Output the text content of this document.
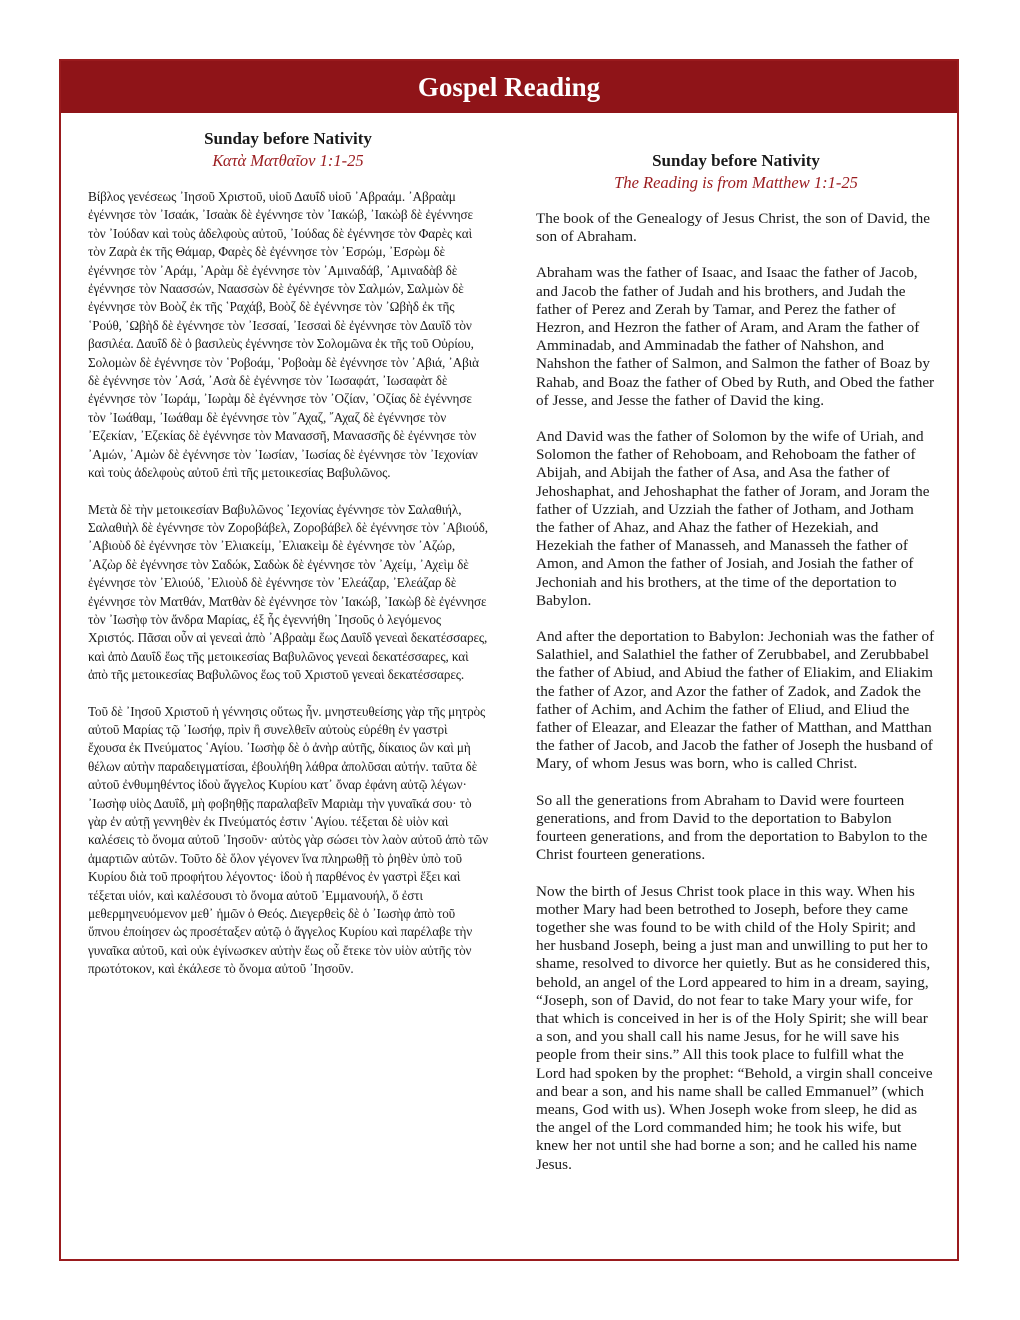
Gospel Reading
Sunday before Nativity
Κατὰ Ματθαῖον 1:1-25

Βίβλος γενέσεως ᾿Ιησοῦ Χριστοῦ, υἱοῦ Δαυΐδ υἱοῦ ᾿Αβραάμ. ᾿Αβραὰμ ἐγέννησε τὸν ᾿Ισαάκ, ᾿Ισαὰκ δὲ ἐγέννησε τὸν ᾿Ιακώβ, ᾿Ιακὼβ δὲ ἐγέννησε τὸν ᾿Ιούδαν καὶ τοὺς ἀδελφοὺς αὐτοῦ, ᾿Ιούδας δὲ ἐγέννησε τὸν Φαρὲς καὶ τὸν Ζαρὰ ἐκ τῆς Θάμαρ, Φαρὲς δὲ ἐγέννησε τὸν ᾿Εσρώμ, ᾿Εσρὼμ δὲ ἐγέννησε τὸν ᾿Αράμ, ᾿Αρὰμ δὲ ἐγέννησε τὸν ᾿Αμιναδάβ, ᾿Αμιναδὰβ δὲ ἐγέννησε τὸν Ναασσών, Ναασσὼν δὲ ἐγέννησε τὸν Σαλμών, Σαλμὼν δὲ ἐγέννησε τὸν Βοὸζ ἐκ τῆς ῾Ραχάβ, Βοὸζ δὲ ἐγέννησε τὸν ᾿Ωβὴδ ἐκ τῆς ῾Ρούθ, ᾿Ωβὴδ δὲ ἐγέννησε τὸν ᾿Ιεσσαί, ᾿Ιεσσαὶ δὲ ἐγέννησε τὸν Δαυΐδ τὸν βασιλέα. Δαυΐδ δὲ ὁ βασιλεὺς ἐγέννησε τὸν Σολομῶνα ἐκ τῆς τοῦ Οὐρίου, Σολομὼν δὲ ἐγέννησε τὸν ῾Ροβοάμ, ῾Ροβοὰμ δὲ ἐγέννησε τὸν ᾿Αβιά, ᾿Αβιὰ δὲ ἐγέννησε τὸν ᾿Ασά, ᾿Ασὰ δὲ ἐγέννησε τὸν ᾿Ιωσαφάτ, ᾿Ιωσαφὰτ δὲ ἐγέννησε τὸν ᾿Ιωράμ, ᾿Ιωρὰμ δὲ ἐγέννησε τὸν ᾿Οζίαν, ᾿Οζίας δὲ ἐγέννησε τὸν ᾿Ιωάθαμ, ᾿Ιωάθαμ δὲ ἐγέννησε τὸν ῎Αχαζ, ῎Αχαζ δὲ ἐγέννησε τὸν ᾿Εζεκίαν, ᾿Εζεκίας δὲ ἐγέννησε τὸν Μανασσῆ, Μανασσῆς δὲ ἐγέννησε τὸν ᾿Αμών, ᾿Αμὼν δὲ ἐγέννησε τὸν ᾿Ιωσίαν, ᾿Ιωσίας δὲ ἐγέννησε τὸν ᾿Ιεχονίαν καὶ τοὺς ἀδελφοὺς αὐτοῦ ἐπὶ τῆς μετοικεσίας Βαβυλῶνος.

Μετὰ δὲ τὴν μετοικεσίαν Βαβυλῶνος ᾿Ιεχονίας ἐγέννησε τὸν Σαλαθιήλ, Σαλαθιὴλ δὲ ἐγέννησε τὸν Ζοροβάβελ, Ζοροβάβελ δὲ ἐγέννησε τὸν ᾿Αβιούδ, ᾿Αβιοὺδ δὲ ἐγέννησε τὸν ᾿Ελιακείμ, ᾿Ελιακεὶμ δὲ ἐγέννησε τὸν ᾿Αζώρ, ᾿Αζὼρ δὲ ἐγέννησε τὸν Σαδώκ, Σαδὼκ δὲ ἐγέννησε τὸν ᾿Αχείμ, ᾿Αχεὶμ δὲ ἐγέννησε τὸν ᾿Ελιούδ, ᾿Ελιοὺδ δὲ ἐγέννησε τὸν ᾿Ελεάζαρ, ᾿Ελεάζαρ δὲ ἐγέννησε τὸν Ματθάν, Ματθὰν δὲ ἐγέννησε τὸν ᾿Ιακώβ, ᾿Ιακὼβ δὲ ἐγέννησε τὸν ᾿Ιωσὴφ τὸν ἄνδρα Μαρίας, ἐξ ἧς ἐγεννήθη ᾿Ιησοῦς ὁ λεγόμενος Χριστός. Πᾶσαι οὖν αἱ γενεαὶ ἀπὸ ᾿Αβραὰμ ἕως Δαυΐδ γενεαὶ δεκατέσσαρες, καὶ ἀπὸ Δαυΐδ ἕως τῆς μετοικεσίας Βαβυλῶνος γενεαὶ δεκατέσσαρες, καὶ ἀπὸ τῆς μετοικεσίας Βαβυλῶνος ἕως τοῦ Χριστοῦ γενεαὶ δεκατέσσαρες.

Τοῦ δὲ ᾿Ιησοῦ Χριστοῦ ἡ γέννησις οὕτως ἦν. μνηστευθείσης γὰρ τῆς μητρὸς αὐτοῦ Μαρίας τῷ ᾿Ιωσήφ, πρὶν ἢ συνελθεῖν αὐτοὺς εὑρέθη ἐν γαστρὶ ἔχουσα ἐκ Πνεύματος ῾Αγίου. ᾿Ιωσὴφ δὲ ὁ ἀνὴρ αὐτῆς, δίκαιος ὢν καὶ μὴ θέλων αὐτὴν παραδειγματίσαι, ἐβουλήθη λάθρα ἀπολῦσαι αὐτήν. ταῦτα δὲ αὐτοῦ ἐνθυμηθέντος ἰδοὺ ἄγγελος Κυρίου κατ᾿ ὄναρ ἐφάνη αὐτῷ λέγων· ᾿Ιωσὴφ υἱὸς Δαυΐδ, μὴ φοβηθῇς παραλαβεῖν Μαριὰμ τὴν γυναῖκά σου· τὸ γὰρ ἐν αὐτῇ γεννηθὲν ἐκ Πνεύματός ἐστιν ῾Αγίου. τέξεται δὲ υἱὸν καὶ καλέσεις τὸ ὄνομα αὐτοῦ ᾿Ιησοῦν· αὐτὸς γὰρ σώσει τὸν λαὸν αὐτοῦ ἀπὸ τῶν ἁμαρτιῶν αὐτῶν. Τοῦτο δὲ ὅλον γέγονεν ἵνα πληρωθῇ τὸ ῥηθὲν ὑπὸ τοῦ Κυρίου διὰ τοῦ προφήτου λέγοντος· ἰδοὺ ἡ παρθένος ἐν γαστρὶ ἕξει καὶ τέξεται υἱόν, καὶ καλέσουσι τὸ ὄνομα αὐτοῦ ᾿Εμμανουήλ, ὅ ἐστι μεθερμηνευόμενον μεθ᾿ ἡμῶν ὁ Θεός. Διεγερθεὶς δὲ ὁ ᾿Ιωσὴφ ἀπὸ τοῦ ὕπνου ἐποίησεν ὡς προσέταξεν αὐτῷ ὁ ἄγγελος Κυρίου καὶ παρέλαβε τὴν γυναῖκα αὐτοῦ, καὶ οὐκ ἐγίνωσκεν αὐτὴν ἕως οὗ ἔτεκε τὸν υἱὸν αὐτῆς τὸν πρωτότοκον, καὶ ἐκάλεσε τὸ ὄνομα αὐτοῦ ᾿Ιησοῦν.

Sunday before Nativity
The Reading is from Matthew 1:1-25

The book of the Genealogy of Jesus Christ, the son of David, the son of Abraham.

Abraham was the father of Isaac, and Isaac the father of Jacob, and Jacob the father of Judah and his brothers, and Judah the father of Perez and Zerah by Tamar, and Perez the father of Hezron, and Hezron the father of Aram, and Aram the father of Amminadab, and Amminadab the father of Nahshon, and Nahshon the father of Salmon, and Salmon the father of Boaz by Rahab, and Boaz the father of Obed by Ruth, and Obed the father of Jesse, and Jesse the father of David the king.

And David was the father of Solomon by the wife of Uriah, and Solomon the father of Rehoboam, and Rehoboam the father of Abijah, and Abijah the father of Asa, and Asa the father of Jehoshaphat, and Jehoshaphat the father of Joram, and Joram the father of Uzziah, and Uzziah the father of Jotham, and Jotham the father of Ahaz, and Ahaz the father of Hezekiah, and Hezekiah the father of Manasseh, and Manasseh the father of Amon, and Amon the father of Josiah, and Josiah the father of Jechoniah and his brothers, at the time of the deportation to Babylon.

And after the deportation to Babylon: Jechoniah was the father of Salathiel, and Salathiel the father of Zerubbabel, and Zerubbabel the father of Abiud, and Abiud the father of Eliakim, and Eliakim the father of Azor, and Azor the father of Zadok, and Zadok the father of Achim, and Achim the father of Eliud, and Eliud the father of Eleazar, and Eleazar the father of Matthan, and Matthan the father of Jacob, and Jacob the father of Joseph the husband of Mary, of whom Jesus was born, who is called Christ.

So all the generations from Abraham to David were fourteen generations, and from David to the deportation to Babylon fourteen generations, and from the deportation to Babylon to the Christ fourteen generations.

Now the birth of Jesus Christ took place in this way. When his mother Mary had been betrothed to Joseph, before they came together she was found to be with child of the Holy Spirit; and her husband Joseph, being a just man and unwilling to put her to shame, resolved to divorce her quietly. But as he considered this, behold, an angel of the Lord appeared to him in a dream, saying, “Joseph, son of David, do not fear to take Mary your wife, for that which is conceived in her is of the Holy Spirit; she will bear a son, and you shall call his name Jesus, for he will save his people from their sins.” All this took place to fulfill what the Lord had spoken by the prophet: “Behold, a virgin shall conceive and bear a son, and his name shall be called Emmanuel” (which means, God with us). When Joseph woke from sleep, he did as the angel of the Lord commanded him; he took his wife, but knew her not until she had borne a son; and he called his name Jesus.
